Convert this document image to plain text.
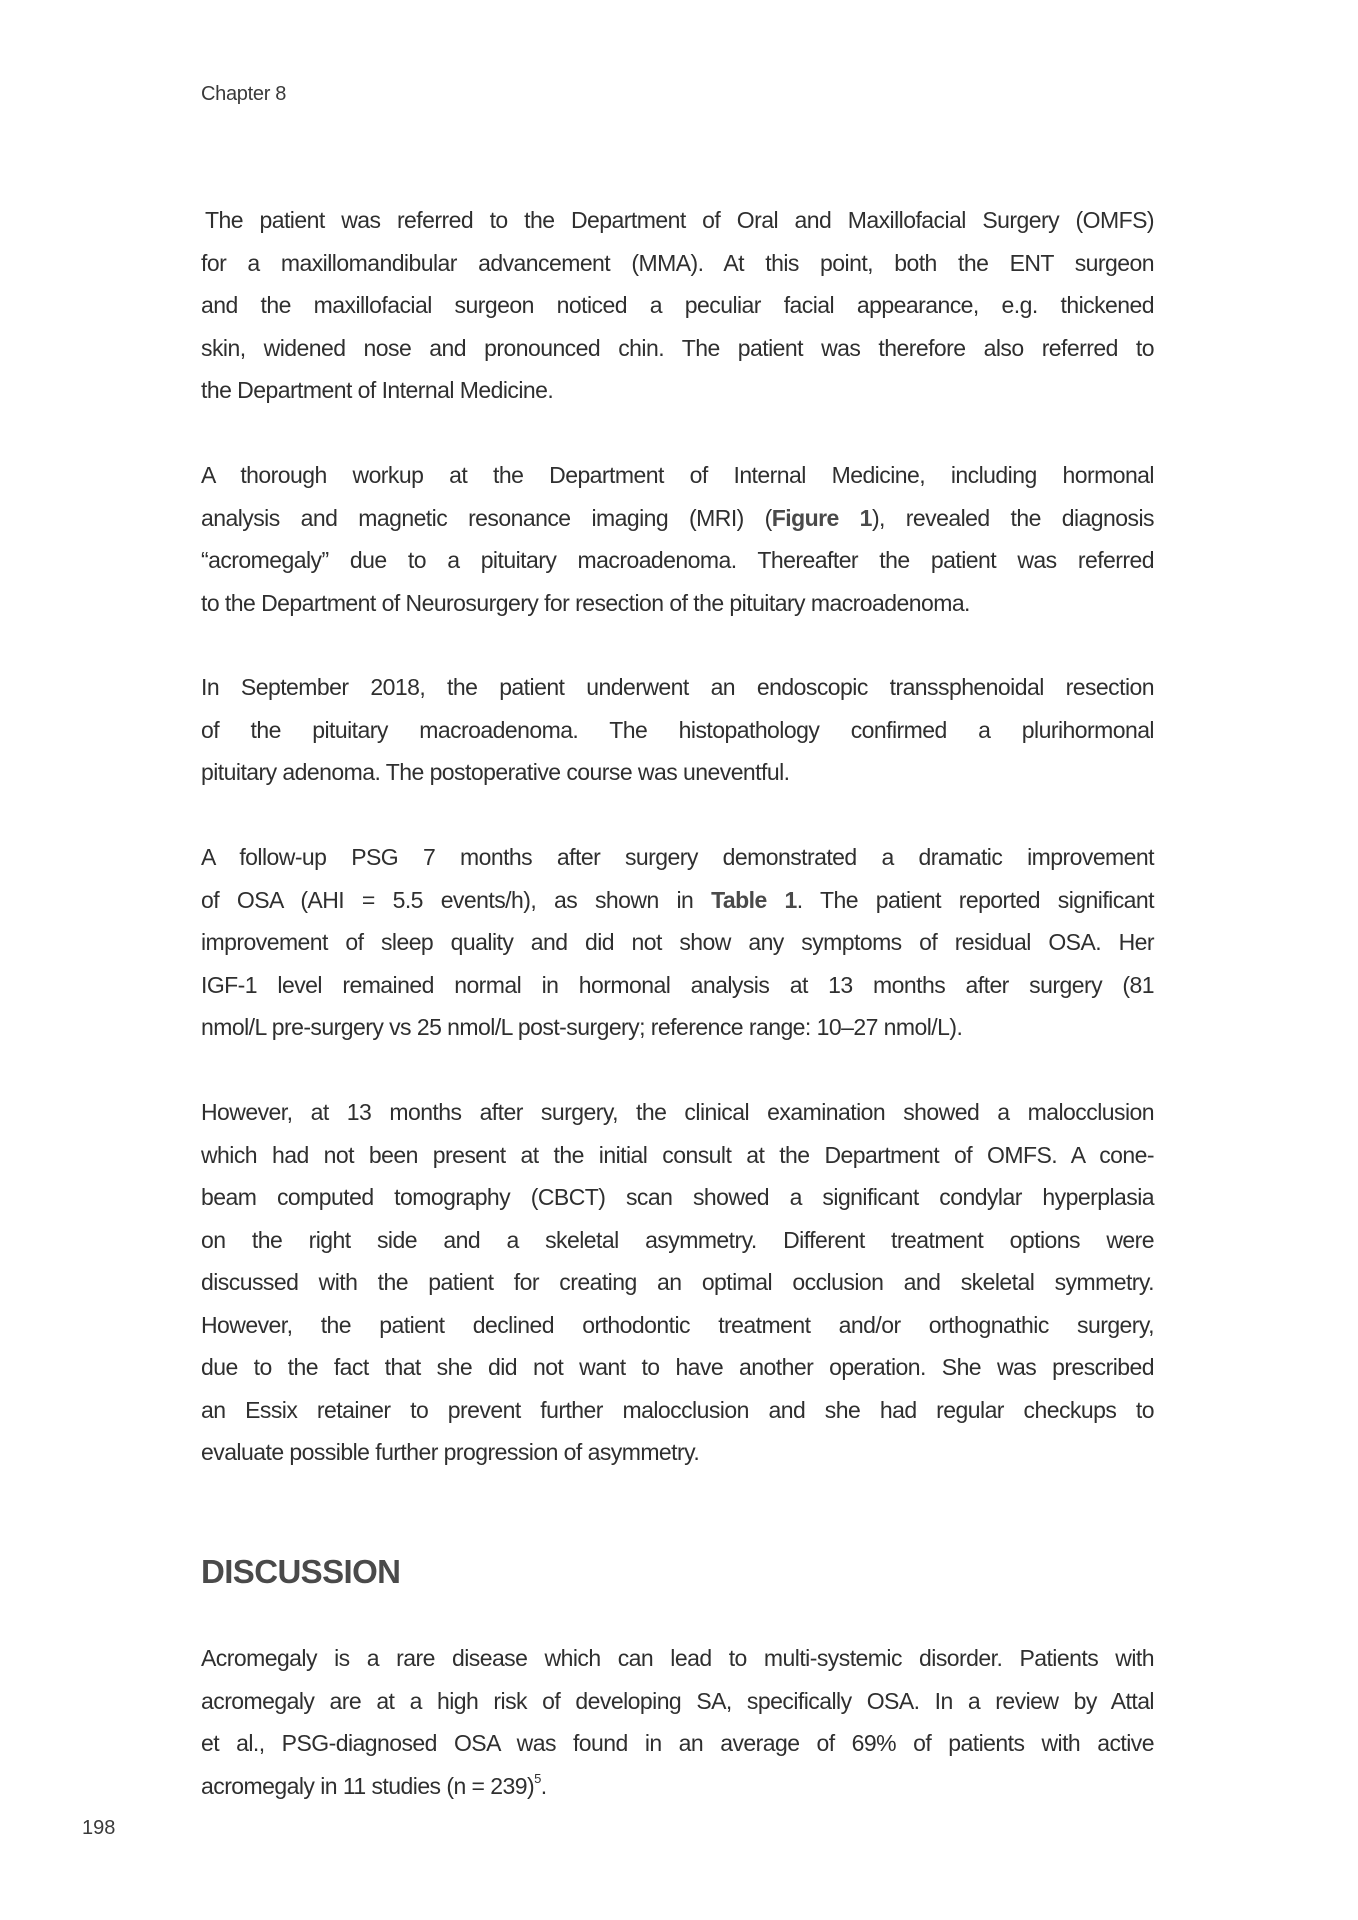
Chapter 8
The patient was referred to the Department of Oral and Maxillofacial Surgery (OMFS)
for a maxillomandibular advancement (MMA). At this point, both the ENT surgeon
and the maxillofacial surgeon noticed a peculiar facial appearance, e.g. thickened
skin, widened nose and pronounced chin. The patient was therefore also referred to
the Department of Internal Medicine.
A thorough workup at the Department of Internal Medicine, including hormonal
analysis and magnetic resonance imaging (MRI) (Figure 1), revealed the diagnosis
“acromegaly” due to a pituitary macroadenoma. Thereafter the patient was referred
to the Department of Neurosurgery for resection of the pituitary macroadenoma.
In September 2018, the patient underwent an endoscopic transsphenoidal resection
of the pituitary macroadenoma. The histopathology confirmed a plurihormonal
pituitary adenoma. The postoperative course was uneventful.
A follow-up PSG 7 months after surgery demonstrated a dramatic improvement
of OSA (AHI = 5.5 events/h), as shown in Table 1. The patient reported significant
improvement of sleep quality and did not show any symptoms of residual OSA. Her
IGF-1 level remained normal in hormonal analysis at 13 months after surgery (81
nmol/L pre-surgery vs 25 nmol/L post-surgery; reference range: 10–27 nmol/L).
However, at 13 months after surgery, the clinical examination showed a malocclusion
which had not been present at the initial consult at the Department of OMFS. A cone-
beam computed tomography (CBCT) scan showed a significant condylar hyperplasia
on the right side and a skeletal asymmetry. Different treatment options were
discussed with the patient for creating an optimal occlusion and skeletal symmetry.
However, the patient declined orthodontic treatment and/or orthognathic surgery,
due to the fact that she did not want to have another operation. She was prescribed
an Essix retainer to prevent further malocclusion and she had regular checkups to
evaluate possible further progression of asymmetry.
DISCUSSION
Acromegaly is a rare disease which can lead to multi-systemic disorder. Patients with
acromegaly are at a high risk of developing SA, specifically OSA. In a review by Attal
et al., PSG-diagnosed OSA was found in an average of 69% of patients with active
acromegaly in 11 studies (n = 239)$^5$.
198
